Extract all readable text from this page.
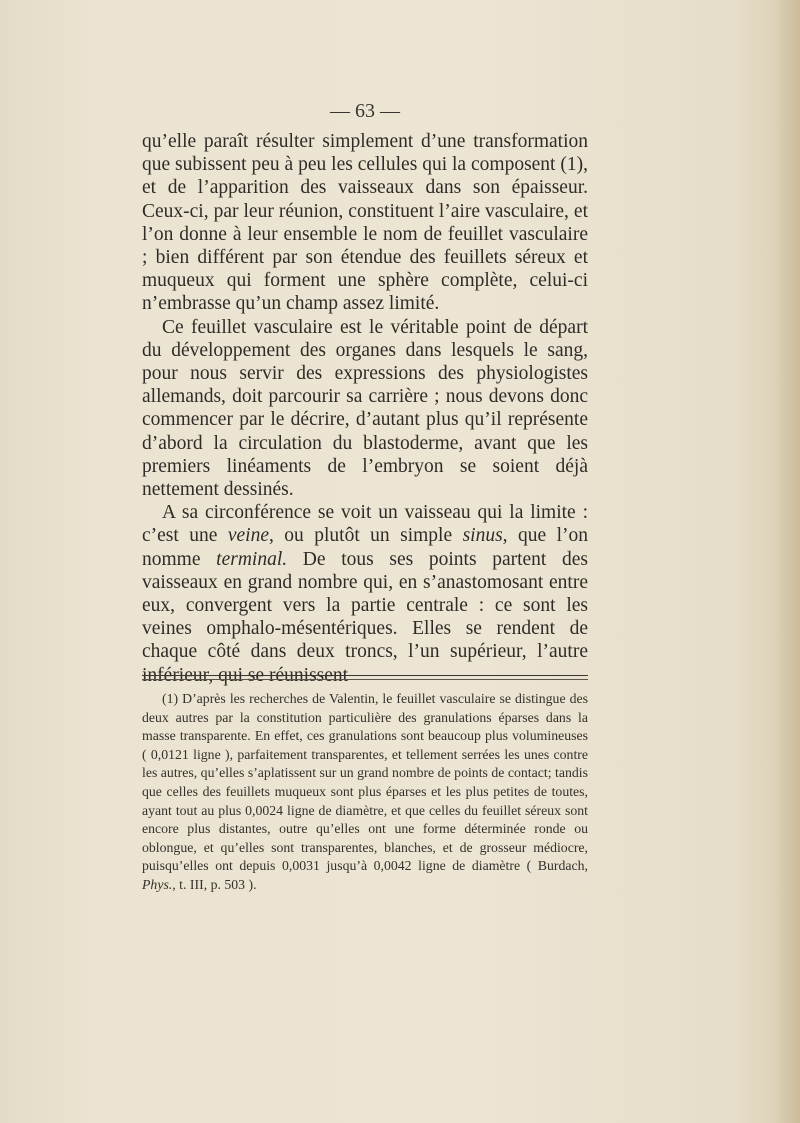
— 63 —

qu’elle paraît résulter simplement d’une transformation que subissent peu à peu les cellules qui la composent (1), et de l’apparition des vaisseaux dans son épaisseur. Ceux-ci, par leur réunion, constituent l’aire vasculaire, et l’on donne à leur ensemble le nom de feuillet vasculaire ; bien différent par son étendue des feuillets séreux et muqueux qui forment une sphère complète, celui-ci n’embrasse qu’un champ assez limité.

Ce feuillet vasculaire est le véritable point de départ du développement des organes dans lesquels le sang, pour nous servir des expressions des physiologistes allemands, doit parcourir sa carrière ; nous devons donc commencer par le décrire, d’autant plus qu’il représente d’abord la circulation du blastoderme, avant que les premiers linéaments de l’embryon se soient déjà nettement dessinés.

A sa circonférence se voit un vaisseau qui la limite : c’est une veine, ou plutôt un simple sinus, que l’on nomme terminal. De tous ses points partent des vaisseaux en grand nombre qui, en s’anastomosant entre eux, convergent vers la partie centrale : ce sont les veines omphalo-mésentériques. Elles se rendent de chaque côté dans deux troncs, l’un supérieur, l’autre inférieur, qui se réunissent

(1) D’après les recherches de Valentin, le feuillet vasculaire se distingue des deux autres par la constitution particulière des granulations éparses dans la masse transparente. En effet, ces granulations sont beaucoup plus volumineuses ( 0,0121 ligne ), parfaitement transparentes, et tellement serrées les unes contre les autres, qu’elles s’aplatissent sur un grand nombre de points de contact; tandis que celles des feuillets muqueux sont plus éparses et les plus petites de toutes, ayant tout au plus 0,0024 ligne de diamètre, et que celles du feuillet séreux sont encore plus distantes, outre qu’elles ont une forme déterminée ronde ou oblongue, et qu’elles sont transparentes, blanches, et de grosseur médiocre, puisqu’elles ont depuis 0,0031 jusqu’à 0,0042 ligne de diamètre ( Burdach, Phys., t. III, p. 503 ).
